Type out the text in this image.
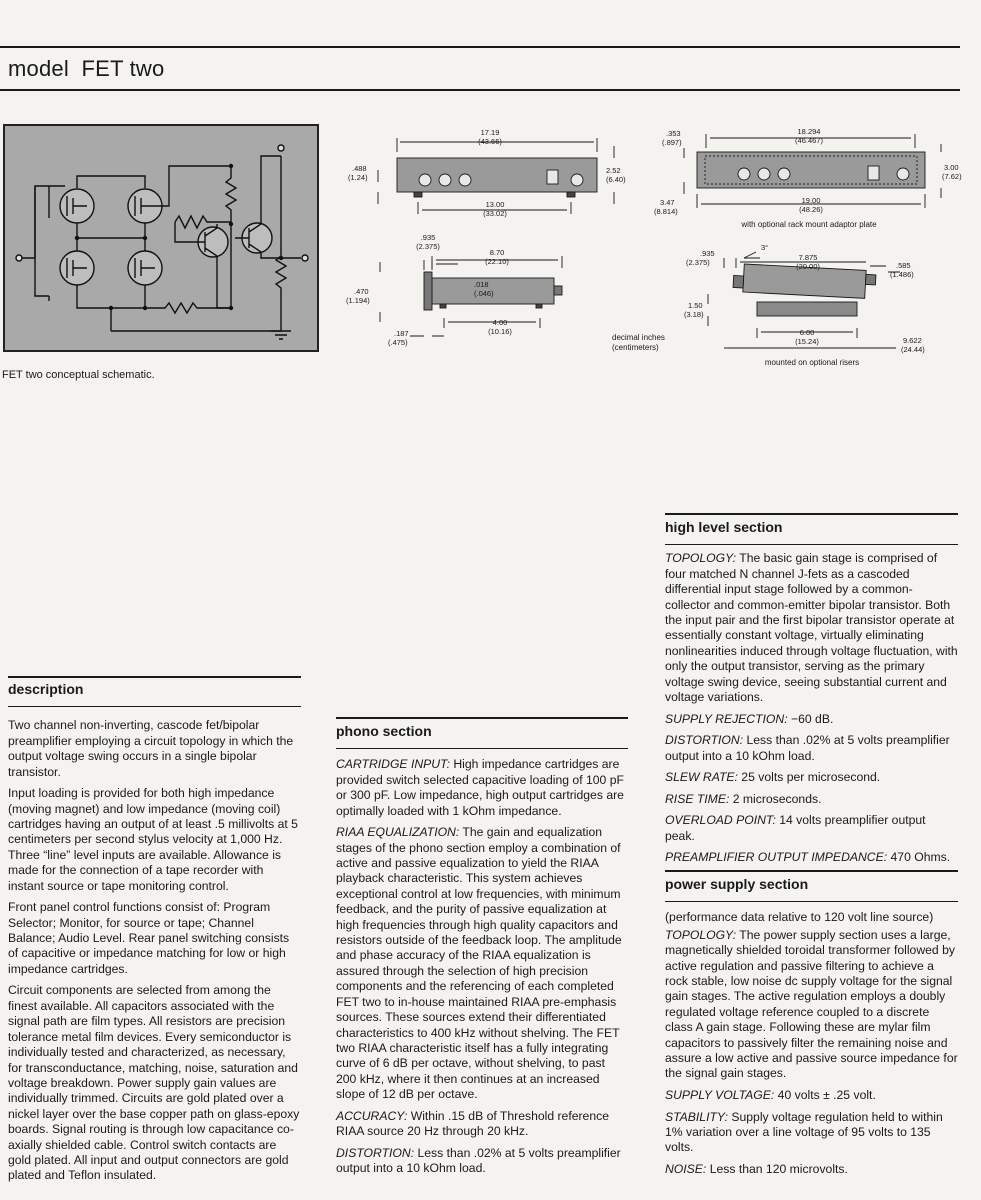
model  FET two
FET two conceptual schematic.
17.19
(43.66)
2.52
(6.40)
.488
(1.24)
13.00
(33.02)
18.294
(46.467)
3.00
(7.62)
.353
(.897)
3.47
(8.814)
19.00
(48.26)
with optional rack mount adaptor plate
.935
(2.375)
8.70
(22.10)
.470
(1.194)
.018
(.046)
4.00
(10.16)
.187
(.475)
decimal inches
(centimeters)
3°
.935
(2.375)
7.875
(20.00)	.585
(1.486)
1.50
(3.18)
6.00
(15.24)	9.622
(24.44)
mounted on optional risers
description

Two channel non-inverting, cascode fet/bipolar preamplifier employing a circuit topology in which the output voltage swing occurs in a single bipolar transistor.

Input loading is provided for both high impedance (moving magnet) and low impedance (moving coil) cartridges having an output of at least .5 millivolts at 5 centimeters per second stylus velocity at 1,000 Hz. Three “line” level inputs are available. Allowance is made for the connection of a tape recorder with instant source or tape monitoring control.

Front panel control functions consist of: Program Selector; Monitor, for source or tape; Channel Balance; Audio Level. Rear panel switching consists of capacitive or impedance matching for low or high impedance cartridges.

Circuit components are selected from among the finest available. All capacitors associated with the signal path are film types. All resistors are precision tolerance metal film devices. Every semiconductor is individually tested and characterized, as necessary, for transconductance, matching, noise, saturation and voltage breakdown. Power supply gain values are individually trimmed. Circuits are gold plated over a nickel layer over the base copper path on glass-epoxy boards. Signal routing is through low capacitance co-axially shielded cable. Control switch contacts are gold plated. All input and output connectors are gold plated and Teflon insulated.

phono section

CARTRIDGE INPUT: High impedance cartridges are provided switch selected capacitive loading of 100 pF or 300 pF. Low impedance, high output cartridges are optimally loaded with 1 kOhm impedance.

RIAA EQUALIZATION: The gain and equalization stages of the phono section employ a combination of active and passive equalization to yield the RIAA playback characteristic. This system achieves exceptional control at low frequencies, with minimum feedback, and the purity of passive equalization at high frequencies through high quality capacitors and resistors outside of the feedback loop. The amplitude and phase accuracy of the RIAA equalization is assured through the selection of high precision components and the referencing of each completed FET two to in-house maintained RIAA pre-emphasis sources. These sources extend their differentiated characteristics to 400 kHz without shelving. The FET two RIAA characteristic itself has a fully integrating curve of 6 dB per octave, without shelving, to past 200 kHz, where it then continues at an increased slope of 12 dB per octave.

ACCURACY: Within .15 dB of Threshold reference RIAA source 20 Hz through 20 kHz.

DISTORTION: Less than .02% at 5 volts preamplifier output into a 10 kOhm load.

high level section

TOPOLOGY: The basic gain stage is comprised of four matched N channel J-fets as a cascoded differential input stage followed by a common-collector and common-emitter bipolar transistor. Both the input pair and the first bipolar transistor operate at essentially constant voltage, virtually eliminating nonlinearities induced through voltage fluctuation, with only the output transistor, serving as the primary voltage swing device, seeing substantial current and voltage variations.

SUPPLY REJECTION: −60 dB.

DISTORTION: Less than .02% at 5 volts preamplifier output into a 10 kOhm load.

SLEW RATE: 25 volts per microsecond.

RISE TIME: 2 microseconds.

OVERLOAD POINT: 14 volts preamplifier output peak.

PREAMPLIFIER OUTPUT IMPEDANCE: 470 Ohms.

power supply section

(performance data relative to 120 volt line source)

TOPOLOGY: The power supply section uses a large, magnetically shielded toroidal transformer followed by active regulation and passive filtering to achieve a rock stable, low noise dc supply voltage for the signal gain stages. The active regulation employs a doubly regulated voltage reference coupled to a discrete class A gain stage. Following these are mylar film capacitors to passively filter the remaining noise and assure a low active and passive source impedance for the signal gain stages.

SUPPLY VOLTAGE: 40 volts ± .25 volt.

STABILITY: Supply voltage regulation held to within 1% variation over a line voltage of 95 volts to 135 volts.

NOISE: Less than 120 microvolts.
